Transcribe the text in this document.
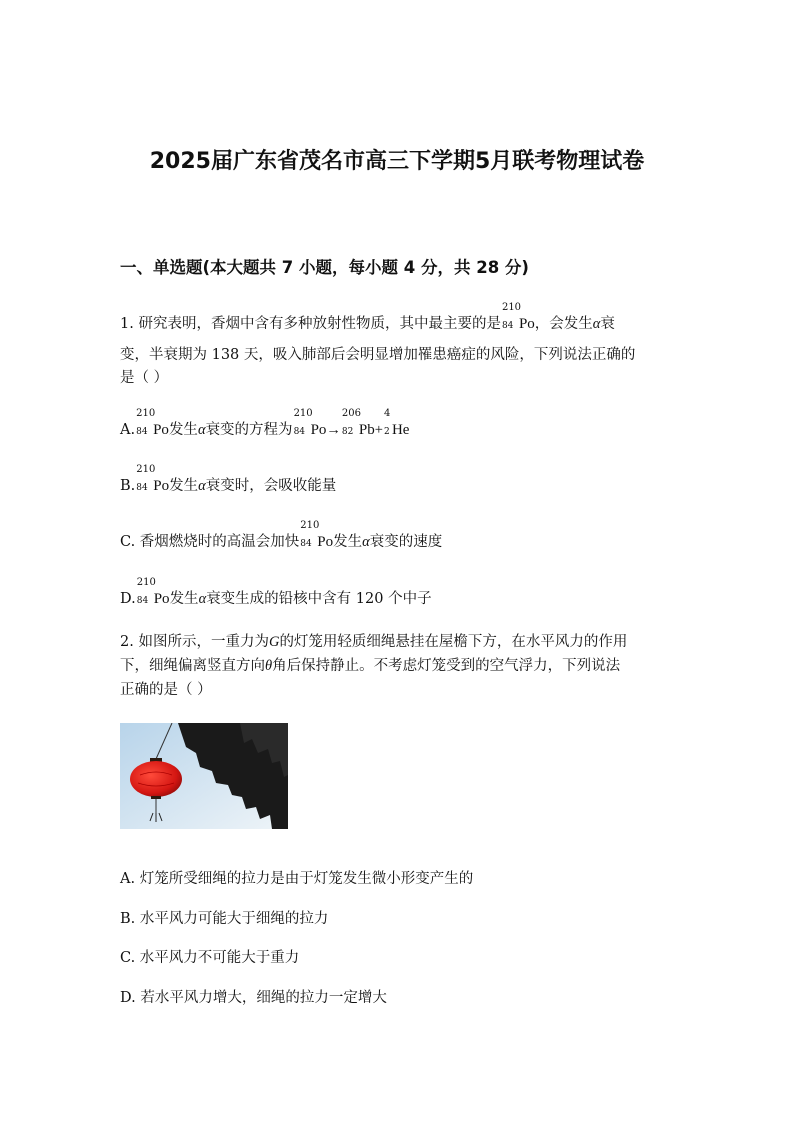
2025届广东省茂名市高三下学期5月联考物理试卷
一、单选题(本大题共 7 小题，每小题 4 分，共 28 分)
1. 研究表明，香烟中含有多种放射性物质，其中最主要的是
210
84 Po，会发生α衰
变，半衰期为 138 天，吸入肺部后会明显增加罹患癌症的风险，下列说法正确的
是（ ）
A.
210
84 Po发生α衰变的方程为
210
84 Po→
206
82 Pb+
4
2 He
B.
210
84 Po发生α衰变时，会吸收能量
C. 香烟燃烧时的高温会加快
210
84 Po发生α衰变的速度
D.
210
84 Po发生α衰变生成的铅核中含有 120 个中子
2. 如图所示，一重力为G的灯笼用轻质细绳悬挂在屋檐下方，在水平风力的作用
下，细绳偏离竖直方向θ角后保持静止。不考虑灯笼受到的空气浮力，下列说法
正确的是（ ）
A. 灯笼所受细绳的拉力是由于灯笼发生微小形变产生的
B. 水平风力可能大于细绳的拉力
C. 水平风力不可能大于重力
D. 若水平风力增大，细绳的拉力一定增大
